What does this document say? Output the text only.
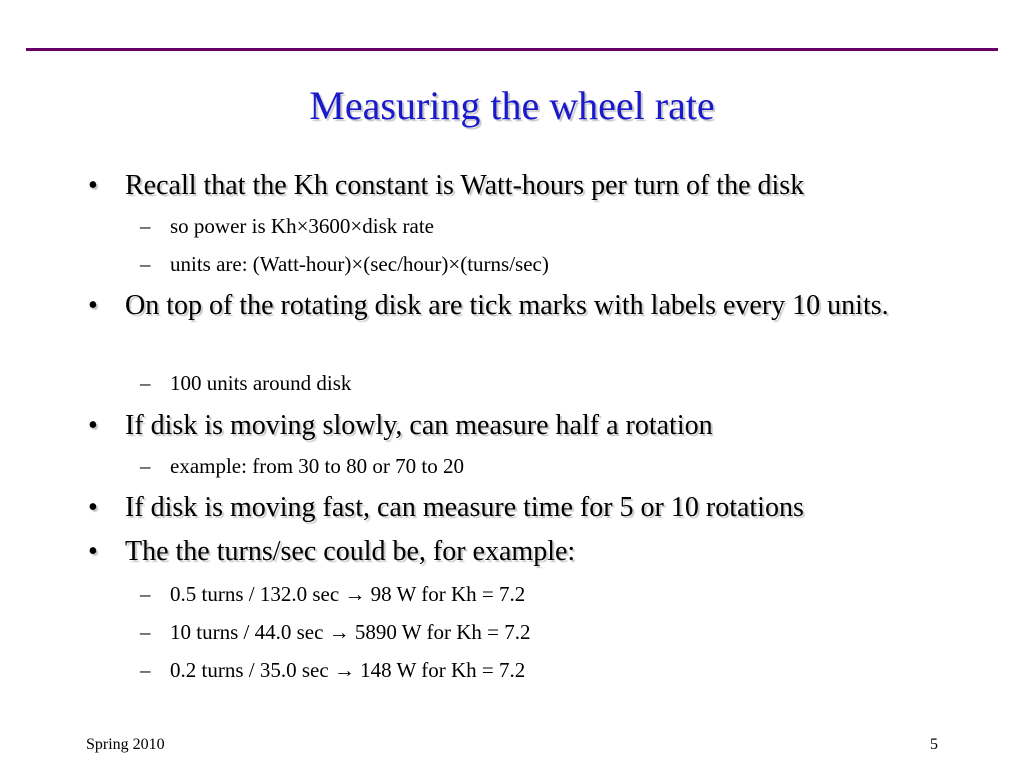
Measuring the wheel rate
• Recall that the Kh constant is Watt-hours per turn of the disk
– so power is Kh×3600×disk rate
– units are: (Watt-hour)×(sec/hour)×(turns/sec)
• On top of the rotating disk are tick marks with labels every 10 units.
– 100 units around disk
• If disk is moving slowly, can measure half a rotation
– example: from 30 to 80 or 70 to 20
• If disk is moving fast, can measure time for 5 or 10 rotations
• The the turns/sec could be, for example:
– 0.5 turns / 132.0 sec → 98 W for Kh = 7.2
– 10 turns / 44.0 sec → 5890 W for Kh = 7.2
– 0.2 turns / 35.0 sec → 148 W for Kh = 7.2
Spring 2010	5
